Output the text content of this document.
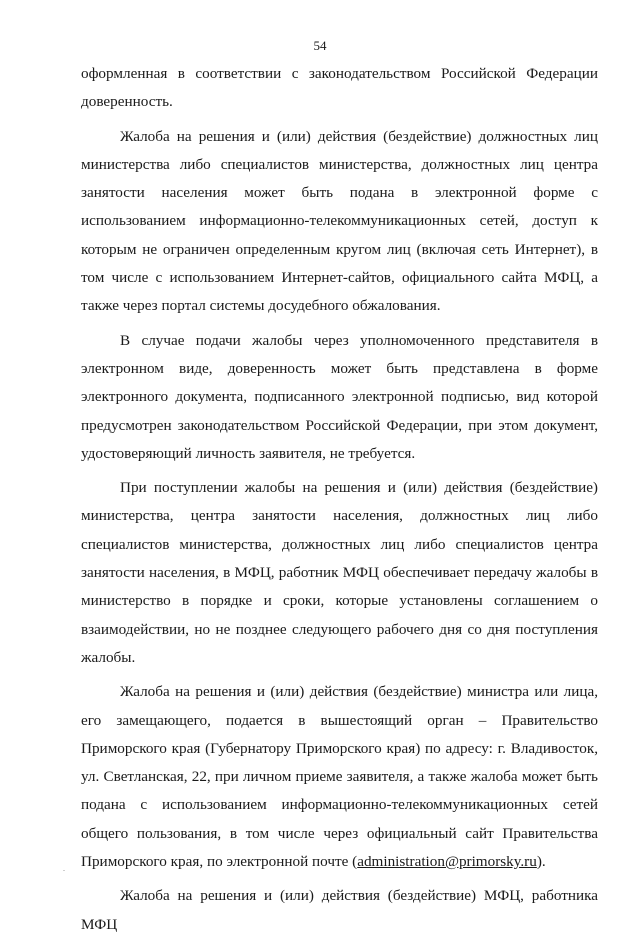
54

оформленная в соответствии с законодательством Российской Федерации доверенность.

Жалоба на решения и (или) действия (бездействие) должностных лиц министерства либо специалистов министерства, должностных лиц центра занятости населения может быть подана в электронной форме с использованием информационно-телекоммуникационных сетей, доступ к которым не ограничен определенным кругом лиц (включая сеть Интернет), в том числе с использованием Интернет-сайтов, официального сайта МФЦ, а также через портал системы досудебного обжалования.

В случае подачи жалобы через уполномоченного представителя в электронном виде, доверенность может быть представлена в форме электронного документа, подписанного электронной подписью, вид которой предусмотрен законодательством Российской Федерации, при этом документ, удостоверяющий личность заявителя, не требуется.

При поступлении жалобы на решения и (или) действия (бездействие) министерства, центра занятости населения, должностных лиц либо специалистов министерства, должностных лиц либо специалистов центра занятости населения, в МФЦ, работник МФЦ обеспечивает передачу жалобы в министерство в порядке и сроки, которые установлены соглашением о взаимодействии, но не позднее следующего рабочего дня со дня поступления жалобы.

Жалоба на решения и (или) действия (бездействие) министра или лица, его замещающего, подается в вышестоящий орган – Правительство Приморского края (Губернатору Приморского края) по адресу: г. Владивосток, ул. Светланская, 22, при личном приеме заявителя, а также жалоба может быть подана с использованием информационно-телекоммуникационных сетей общего пользования, в том числе через официальный сайт Правительства Приморского края, по электронной почте (administration@primorsky.ru).

Жалоба на решения и (или) действия (бездействие) МФЦ, работника МФЦ
